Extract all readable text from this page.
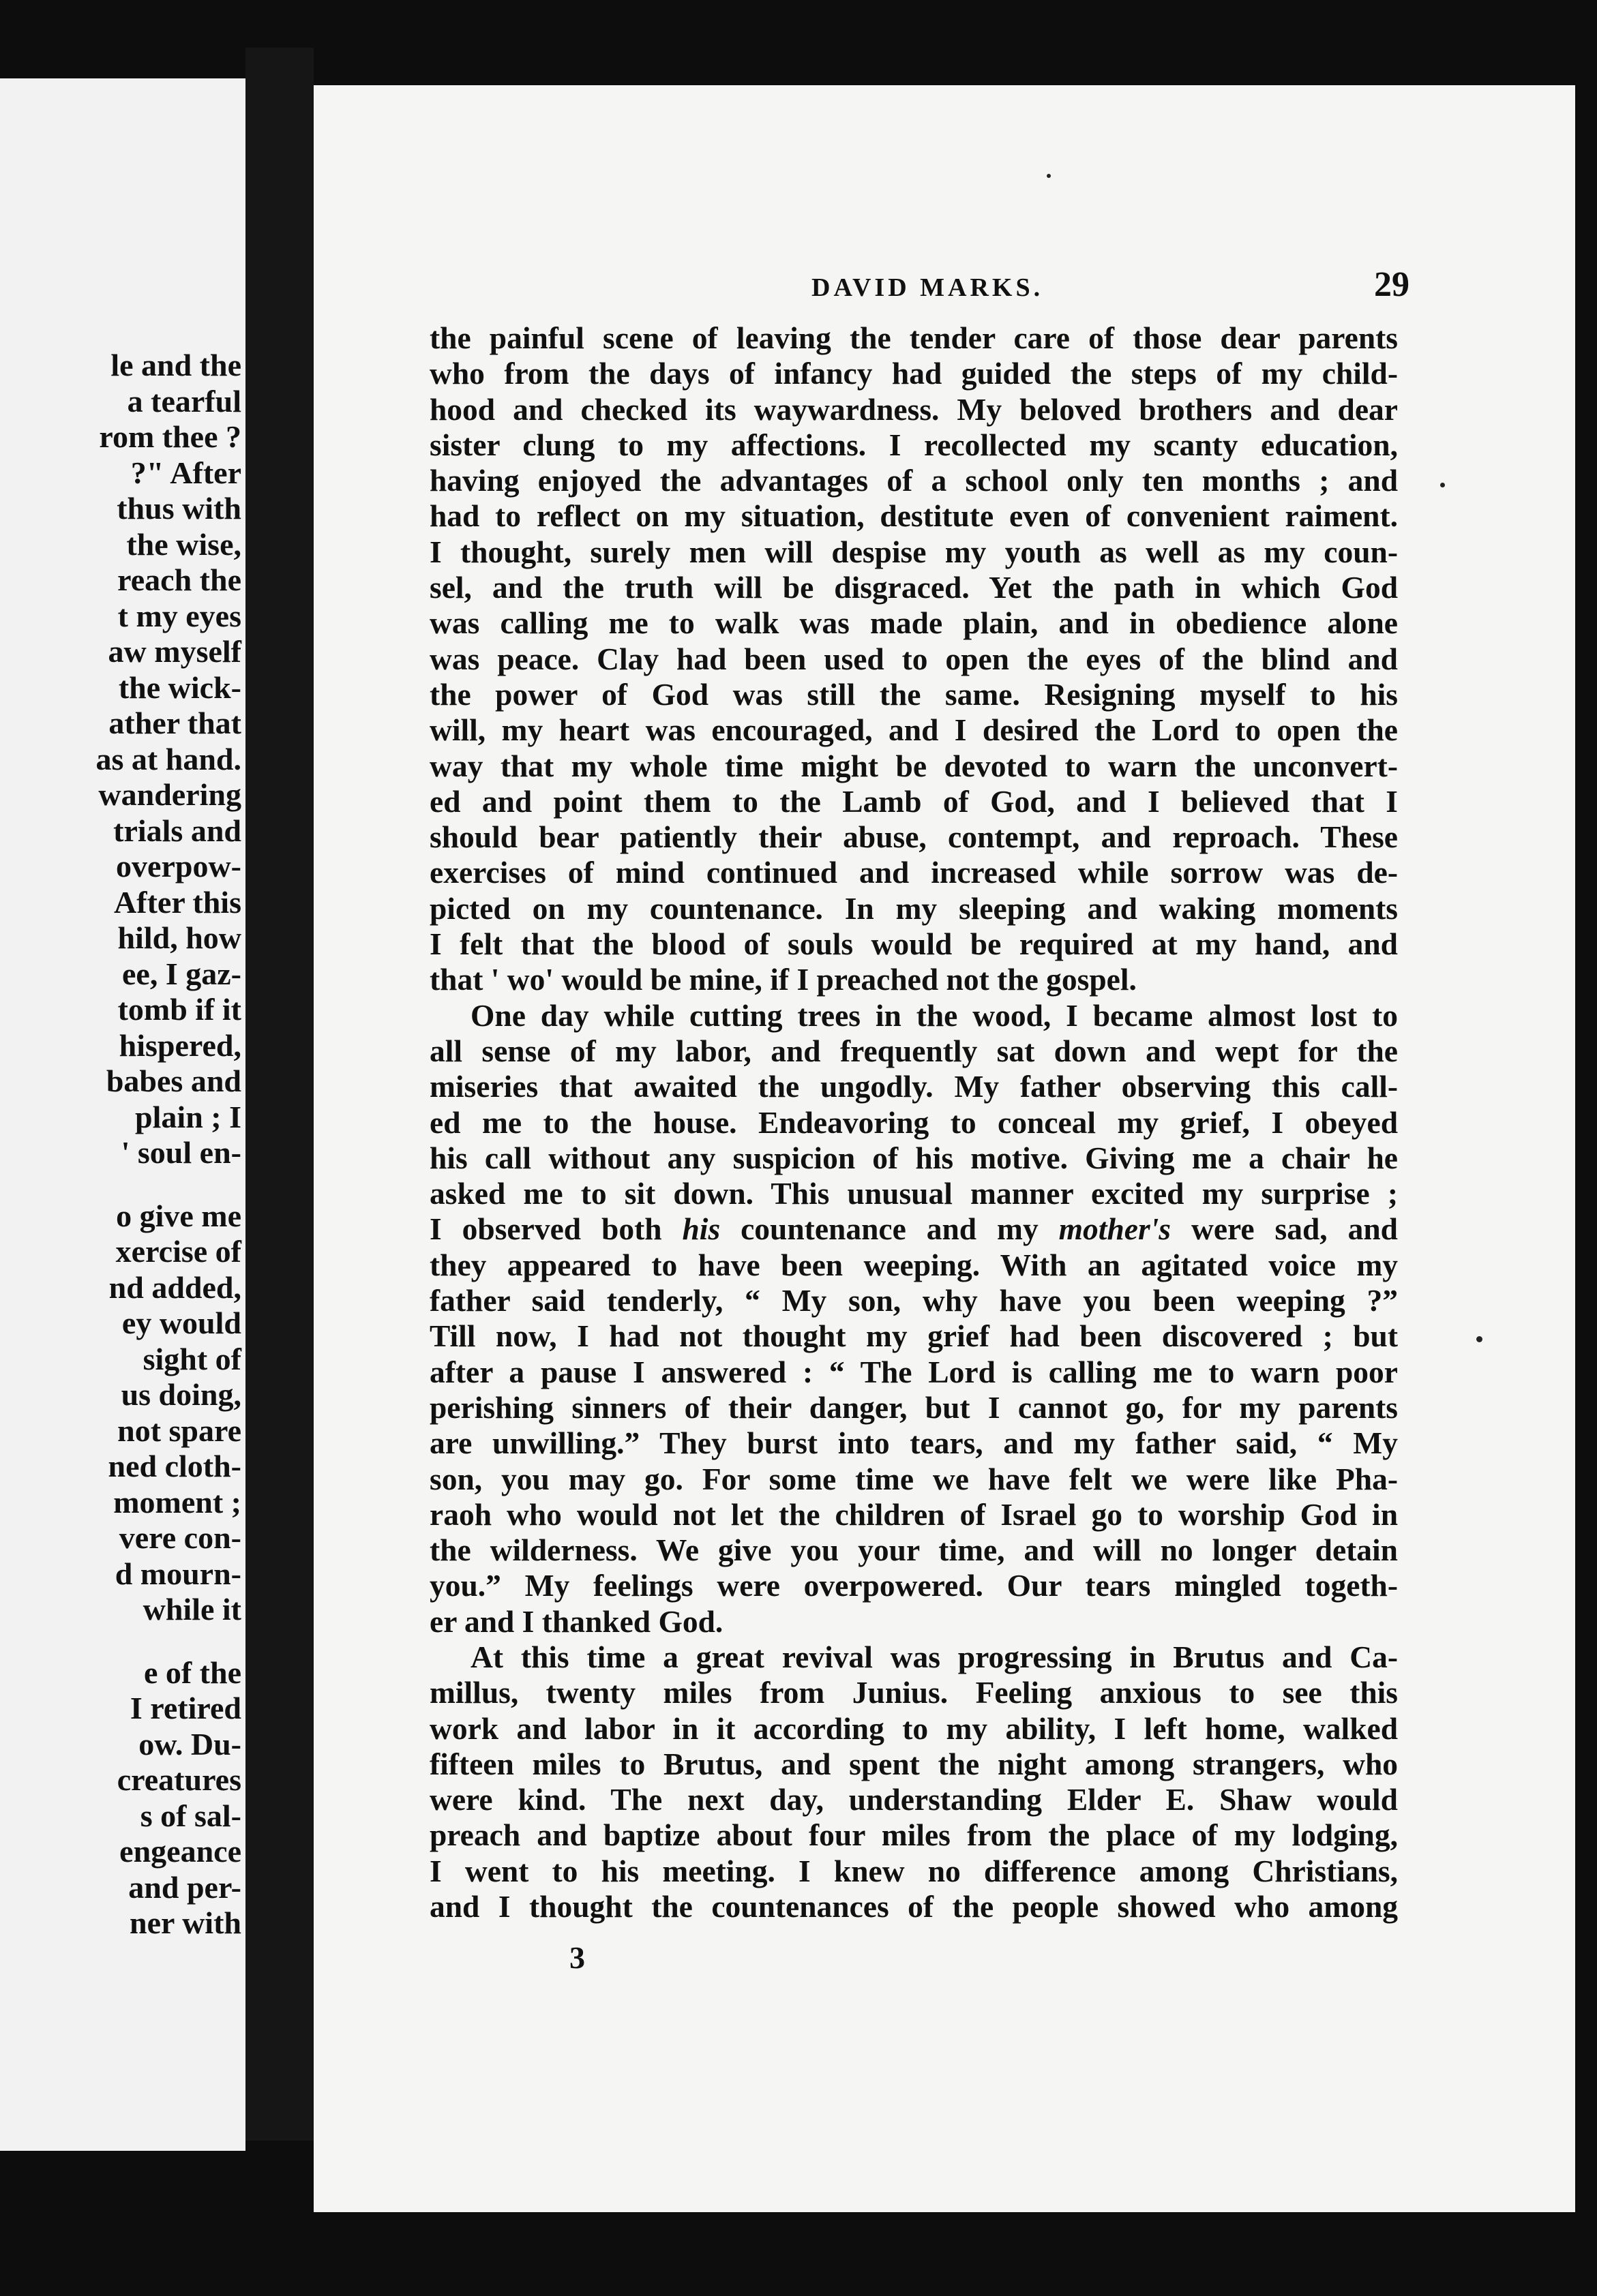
le and the
a tearful
rom thee ?
?" After
thus with
the wise,
reach the
t my eyes
aw myself
the wick-
ather that
as at hand.
wandering
trials and
overpow-
After this
hild, how
ee, I gaz-
tomb if it
hispered,
babes and
plain ; I
' soul en-
o give me
xercise of
nd added,
ey would
sight of
us doing,
not spare
ned cloth-
moment ;
vere con-
d mourn-
while it
e of the
I retired
ow. Du-
creatures
s of sal-
engeance
and per-
ner with
DAVID MARKS.	29
the painful scene of leaving the tender care of those dear parents
who from the days of infancy had guided the steps of my child-
hood and checked its waywardness. My beloved brothers and dear
sister clung to my affections. I recollected my scanty education,
having enjoyed the advantages of a school only ten months ; and
had to reflect on my situation, destitute even of convenient raiment.
I thought, surely men will despise my youth as well as my coun-
sel, and the truth will be disgraced. Yet the path in which God
was calling me to walk was made plain, and in obedience alone
was peace. Clay had been used to open the eyes of the blind and
the power of God was still the same. Resigning myself to his
will, my heart was encouraged, and I desired the Lord to open the
way that my whole time might be devoted to warn the unconvert-
ed and point them to the Lamb of God, and I believed that I
should bear patiently their abuse, contempt, and reproach. These
exercises of mind continued and increased while sorrow was de-
picted on my countenance. In my sleeping and waking moments
I felt that the blood of souls would be required at my hand, and
that ' wo' would be mine, if I preached not the gospel.
One day while cutting trees in the wood, I became almost lost to
all sense of my labor, and frequently sat down and wept for the
miseries that awaited the ungodly. My father observing this call-
ed me to the house. Endeavoring to conceal my grief, I obeyed
his call without any suspicion of his motive. Giving me a chair he
asked me to sit down. This unusual manner excited my surprise ;
I observed both his countenance and my mother's were sad, and
they appeared to have been weeping. With an agitated voice my
father said tenderly, “ My son, why have you been weeping ?”
Till now, I had not thought my grief had been discovered ; but
after a pause I answered : “ The Lord is calling me to warn poor
perishing sinners of their danger, but I cannot go, for my parents
are unwilling.” They burst into tears, and my father said, “ My
son, you may go. For some time we have felt we were like Pha-
raoh who would not let the children of Israel go to worship God in
the wilderness. We give you your time, and will no longer detain
you.” My feelings were overpowered. Our tears mingled togeth-
er and I thanked God.
At this time a great revival was progressing in Brutus and Ca-
millus, twenty miles from Junius. Feeling anxious to see this
work and labor in it according to my ability, I left home, walked
fifteen miles to Brutus, and spent the night among strangers, who
were kind. The next day, understanding Elder E. Shaw would
preach and baptize about four miles from the place of my lodging,
I went to his meeting. I knew no difference among Christians,
and I thought the countenances of the people showed who among
3
